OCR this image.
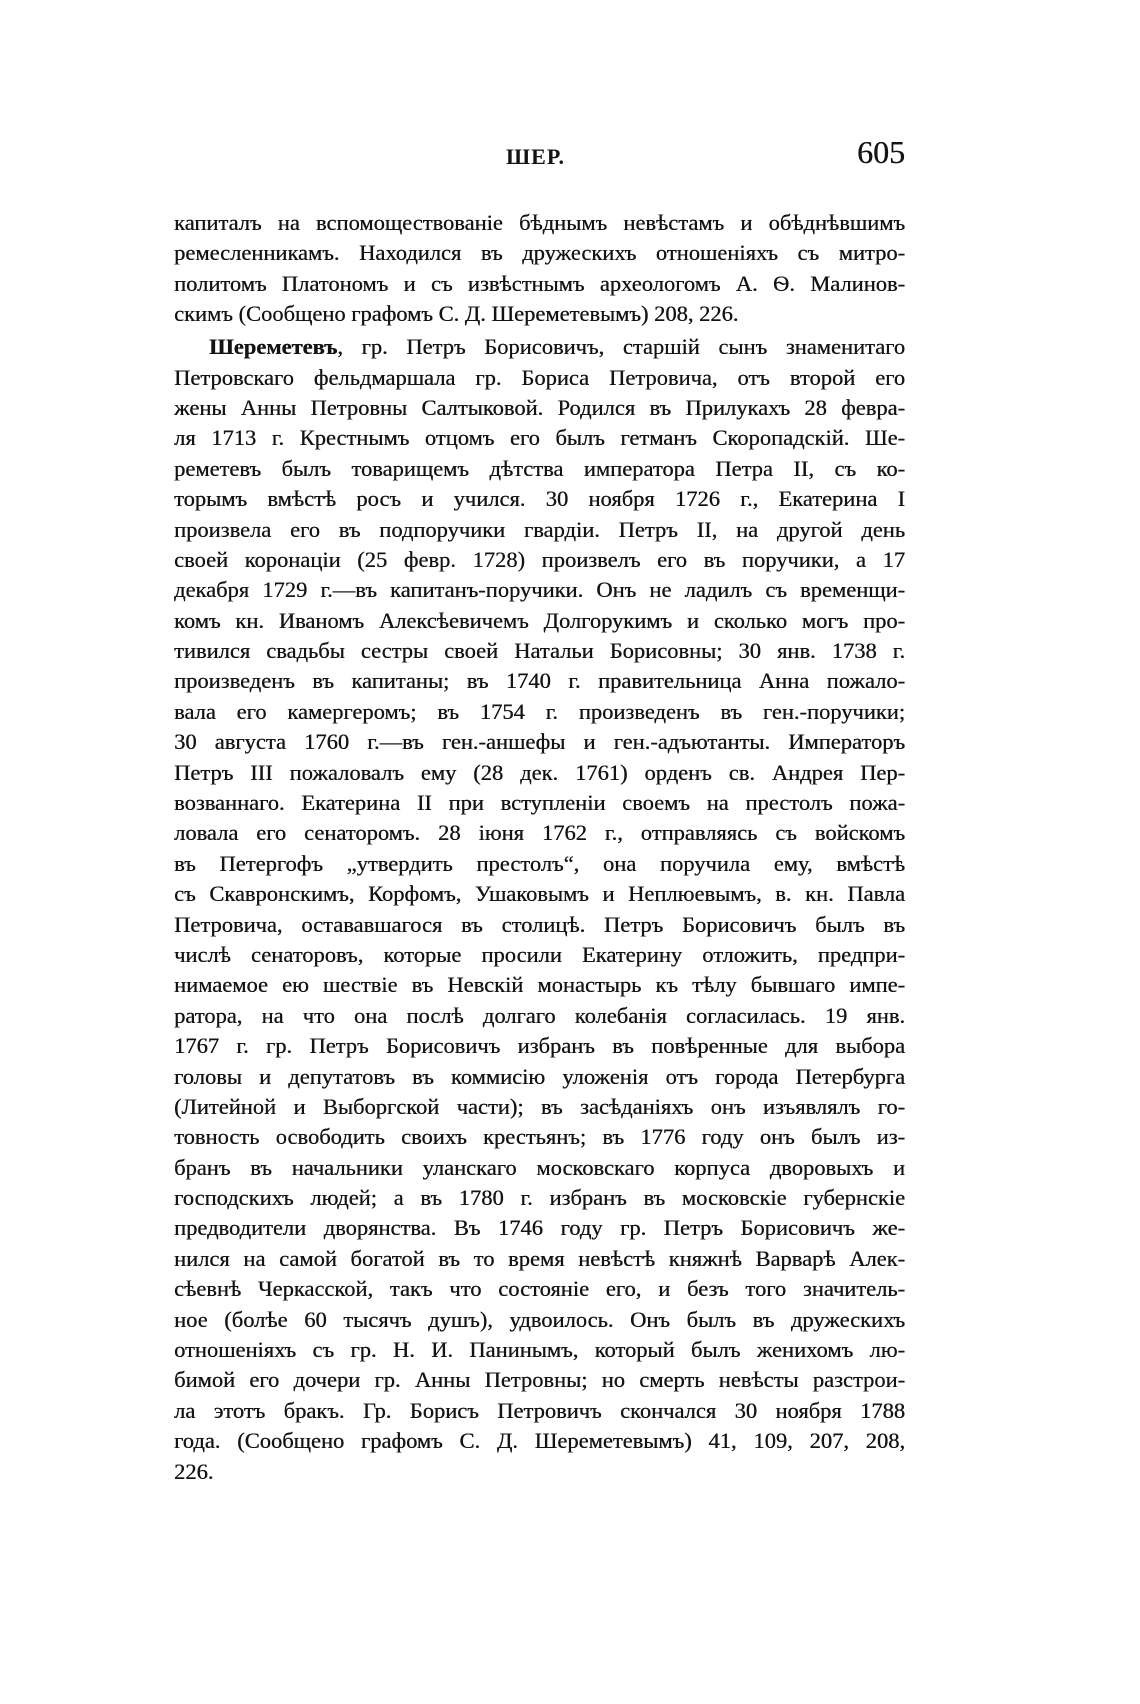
ШЕР.	605
капиталъ на вспомоществованіе бѣднымъ невѣстамъ и обѣднѣвшимъ
ремесленникамъ. Находился въ дружескихъ отношеніяхъ съ митро-
политомъ Платономъ и съ извѣстнымъ археологомъ А. Ѳ. Малинов-
скимъ (Сообщено графомъ С. Д. Шереметевымъ) 208, 226.
Шереметевъ, гр. Петръ Борисовичъ, старшій сынъ знаменитаго
Петровскаго фельдмаршала гр. Бориса Петровича, отъ второй его
жены Анны Петровны Салтыковой. Родился въ Прилукахъ 28 февра-
ля 1713 г. Крестнымъ отцомъ его былъ гетманъ Скоропадскій. Ше-
реметевъ былъ товарищемъ дѣтства императора Петра II, съ ко-
торымъ вмѣстѣ росъ и учился. 30 ноября 1726 г., Екатерина I
произвела его въ подпоручики гвардіи. Петръ II, на другой день
своей коронаціи (25 февр. 1728) произвелъ его въ поручики, а 17
декабря 1729 г.—въ капитанъ-поручики. Онъ не ладилъ съ временщи-
комъ кн. Иваномъ Алексѣевичемъ Долгорукимъ и сколько могъ про-
тивился свадьбы сестры своей Натальи Борисовны; 30 янв. 1738 г.
произведенъ въ капитаны; въ 1740 г. правительница Анна пожало-
вала его камергеромъ; въ 1754 г. произведенъ въ ген.-поручики;
30 августа 1760 г.—въ ген.-аншефы и ген.-адъютанты. Императоръ
Петръ III пожаловалъ ему (28 дек. 1761) орденъ св. Андрея Пер-
возваннаго. Екатерина II при вступленіи своемъ на престолъ пожа-
ловала его сенаторомъ. 28 іюня 1762 г., отправляясь съ войскомъ
въ Петергофъ „утвердить престолъ“, она поручила ему, вмѣстѣ
съ Скавронскимъ, Корфомъ, Ушаковымъ и Неплюевымъ, в. кн. Павла
Петровича, остававшагося въ столицѣ. Петръ Борисовичъ былъ въ
числѣ сенаторовъ, которые просили Екатерину отложить, предпри-
нимаемое ею шествіе въ Невскій монастырь къ тѣлу бывшаго импе-
ратора, на что она послѣ долгаго колебанія согласилась. 19 янв.
1767 г. гр. Петръ Борисовичъ избранъ въ повѣренные для выбора
головы и депутатовъ въ коммисію уложенія отъ города Петербурга
(Литейной и Выборгской части); въ засѣданіяхъ онъ изъявлялъ го-
товность освободить своихъ крестьянъ; въ 1776 году онъ былъ из-
бранъ въ начальники уланскаго московскаго корпуса дворовыхъ и
господскихъ людей; а въ 1780 г. избранъ въ московскіе губернскіе
предводители дворянства. Въ 1746 году гр. Петръ Борисовичъ же-
нился на самой богатой въ то время невѣстѣ княжнѣ Варварѣ Алек-
сѣевнѣ Черкасской, такъ что состояніе его, и безъ того значитель-
ное (болѣе 60 тысячъ душъ), удвоилось. Онъ былъ въ дружескихъ
отношеніяхъ съ гр. Н. И. Панинымъ, который былъ женихомъ лю-
бимой его дочери гр. Анны Петровны; но смерть невѣсты разстрои-
ла этотъ бракъ. Гр. Борисъ Петровичъ скончался 30 ноября 1788
года. (Сообщено графомъ С. Д. Шереметевымъ) 41, 109, 207, 208,
226.
